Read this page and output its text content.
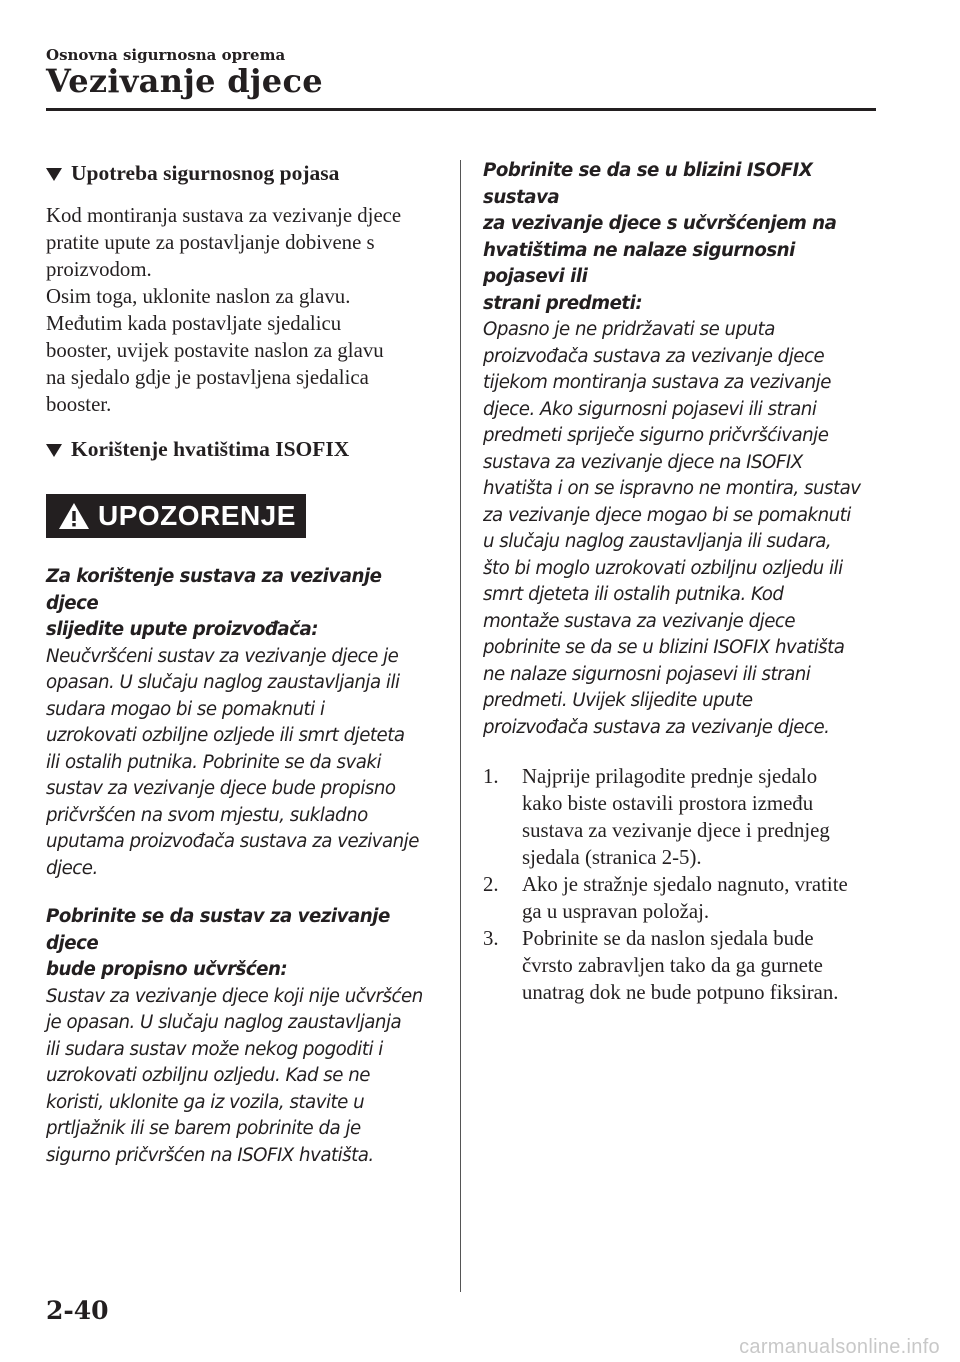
Osnovna sigurnosna oprema
Vezivanje djece
Upotreba sigurnosnog pojasa

Kod montiranja sustava za vezivanje djece
pratite upute za postavljanje dobivene s
proizvodom.
Osim toga, uklonite naslon za glavu.
Međutim kada postavljate sjedalicu
booster, uvijek postavite naslon za glavu
na sjedalo gdje je postavljena sjedalica
booster.

Korištenje hvatištima ISOFIX
UPOZORENJE
Za korištenje sustava za vezivanje djece
slijedite upute proizvođača:
Neučvršćeni sustav za vezivanje djece je
opasan. U slučaju naglog zaustavljanja ili
sudara mogao bi se pomaknuti i
uzrokovati ozbiljne ozljede ili smrt djeteta
ili ostalih putnika. Pobrinite se da svaki
sustav za vezivanje djece bude propisno
pričvršćen na svom mjestu, sukladno
uputama proizvođača sustava za vezivanje
djece.
Pobrinite se da sustav za vezivanje djece
bude propisno učvršćen:
Sustav za vezivanje djece koji nije učvršćen
je opasan. U slučaju naglog zaustavljanja
ili sudara sustav može nekog pogoditi i
uzrokovati ozbiljnu ozljedu. Kad se ne
koristi, uklonite ga iz vozila, stavite u
prtljažnik ili se barem pobrinite da je
sigurno pričvršćen na ISOFIX hvatišta.
Pobrinite se da se u blizini ISOFIX sustava
za vezivanje djece s učvršćenjem na
hvatištima ne nalaze sigurnosni pojasevi ili
strani predmeti:
Opasno je ne pridržavati se uputa
proizvođača sustava za vezivanje djece
tijekom montiranja sustava za vezivanje
djece. Ako sigurnosni pojasevi ili strani
predmeti spriječe sigurno pričvršćivanje
sustava za vezivanje djece na ISOFIX
hvatišta i on se ispravno ne montira, sustav
za vezivanje djece mogao bi se pomaknuti
u slučaju naglog zaustavljanja ili sudara,
što bi moglo uzrokovati ozbiljnu ozljedu ili
smrt djeteta ili ostalih putnika. Kod
montaže sustava za vezivanje djece
pobrinite se da se u blizini ISOFIX hvatišta
ne nalaze sigurnosni pojasevi ili strani
predmeti. Uvijek slijedite upute
proizvođača sustava za vezivanje djece.
1.	Najprije prilagodite prednje sjedalo
kako biste ostavili prostora između
sustava za vezivanje djece i prednjeg
sjedala (stranica 2-5).
2.	Ako je stražnje sjedalo nagnuto, vratite
ga u uspravan položaj.
3.	Pobrinite se da naslon sjedala bude
čvrsto zabravljen tako da ga gurnete
unatrag dok ne bude potpuno fiksiran.
2-40
carmanualsonline.info
